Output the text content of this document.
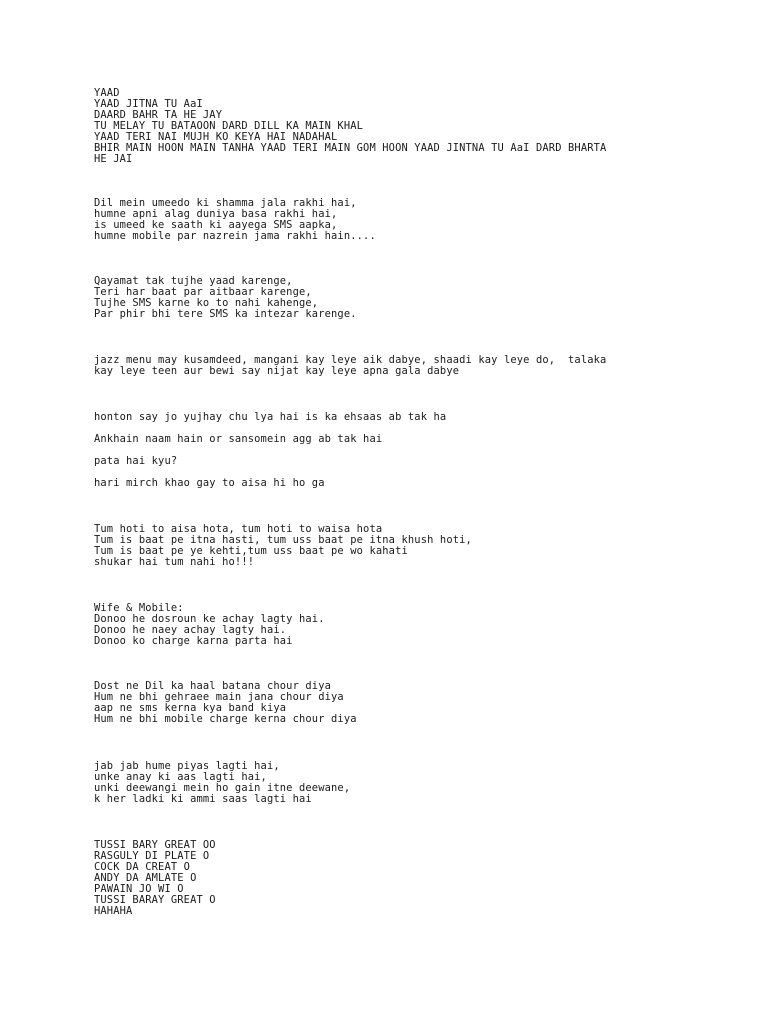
YAAD

YAAD JITNA TU AaI

DAARD BAHR TA HE JAY

TU MELAY TU BATAOON DARD DILL KA MAIN KHAL

YAAD TERI NAI MUJH KO KEYA HAI NADAHAL

BHIR MAIN HOON MAIN TANHA YAAD TERI MAIN GOM HOON YAAD JINTNA TU AaI DARD BHARTA

HE JAI

Dil mein umeedo ki shamma jala rakhi hai,

humne apni alag duniya basa rakhi hai,

is umeed ke saath ki aayega SMS aapka,

humne mobile par nazrein jama rakhi hain....

Qayamat tak tujhe yaad karenge,

Teri har baat par aitbaar karenge,

Tujhe SMS karne ko to nahi kahenge,

Par phir bhi tere SMS ka intezar karenge.

jazz menu may kusamdeed, mangani kay leye aik dabye, shaadi kay leye do,  talaka

kay leye teen aur bewi say nijat kay leye apna gala dabye

honton say jo yujhay chu lya hai is ka ehsaas ab tak ha

Ankhain naam hain or sansomein agg ab tak hai

pata hai kyu?

hari mirch khao gay to aisa hi ho ga

Tum hoti to aisa hota, tum hoti to waisa hota

Tum is baat pe itna hasti, tum uss baat pe itna khush hoti,

Tum is baat pe ye kehti,tum uss baat pe wo kahati

shukar hai tum nahi ho!!!

Wife & Mobile:

Donoo he dosroun ke achay lagty hai.

Donoo he naey achay lagty hai.

Donoo ko charge karna parta hai

Dost ne Dil ka haal batana chour diya

Hum ne bhi gehraee main jana chour diya

aap ne sms kerna kya band kiya

Hum ne bhi mobile charge kerna chour diya

jab jab hume piyas lagti hai,

unke anay ki aas lagti hai,

unki deewangi mein ho gain itne deewane,

k her ladki ki ammi saas lagti hai

TUSSI BARY GREAT OO

RASGULY DI PLATE O

COCK DA CREAT O

ANDY DA AMLATE O

PAWAIN JO WI O

TUSSI BARAY GREAT O

HAHAHA
